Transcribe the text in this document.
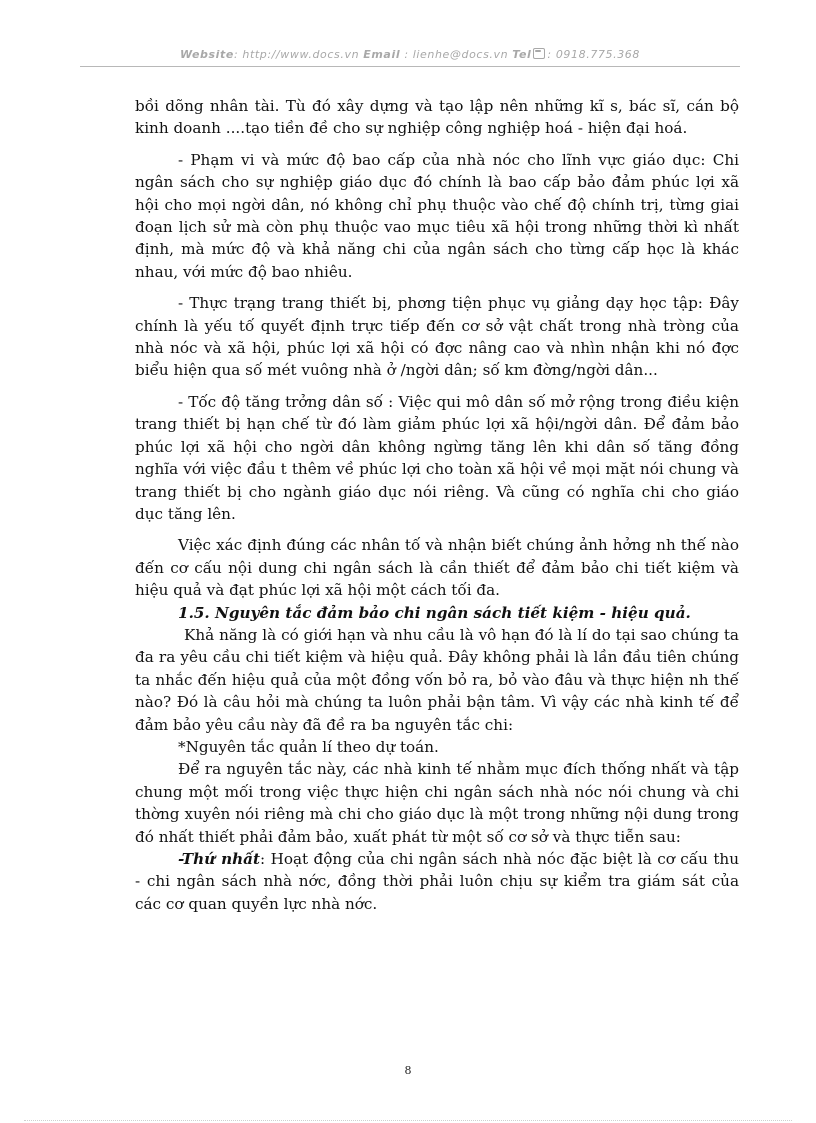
Website: http://www.docs.vn Email : lienhe@docs.vn Tel : 0918.775.368

bồi dõng nhân tài. Tù đó xây dựng và tạo lập nên những kĩ s, bác sĩ, cán bộ kinh doanh ....tạo tiền đề cho sự nghiệp công nghiệp hoá - hiện đại hoá.

- Phạm vi và mức độ bao cấp của nhà nóc cho lĩnh vực giáo dục: Chi ngân sách cho sự nghiệp giáo dục đó chính là bao cấp bảo đảm phúc lợi xã hội cho mọi ngời dân, nó không chỉ phụ thuộc vào chế độ chính trị, từng giai đoạn lịch sử mà còn phụ thuộc vao mục tiêu xã hội trong những thời kì nhất định, mà mức độ và khả năng chi của ngân sách cho từng cấp học là khác nhau, với mức độ bao nhiêu.

- Thực trạng trang thiết bị, phơng tiện phục vụ giảng dạy học tập: Đây chính là yếu tố quyết định trực tiếp đến cơ sở vật chất trong nhà tròng của nhà nóc và xã hội, phúc lợi xã hội có đợc nâng cao và nhìn nhận khi nó đợc biểu hiện qua số mét vuông nhà ở /ngời dân; số km đờng/ngời dân...

- Tốc độ tăng trởng dân số : Việc qui mô dân số mở rộng trong điều kiện trang thiết bị hạn chế từ đó làm giảm phúc lợi xã hội/ngời dân. Để đảm bảo phúc lợi xã hội cho ngời dân không ngừng tăng lên khi dân số tăng đồng nghĩa với việc đầu t thêm về phúc lợi cho toàn xã hội về mọi mặt nói chung và trang thiết bị cho ngành giáo dục nói riêng. Và cũng có nghĩa chi cho giáo dục tăng lên.

Việc xác định đúng các nhân tố và nhận biết chúng ảnh hởng nh thế nào đến cơ cấu nội dung chi ngân sách là cần thiết để đảm bảo chi tiết kiệm và hiệu quả và đạt phúc lợi xã hội một cách tối đa.

1.5. Nguyên tắc đảm bảo chi ngân sách tiết kiệm - hiệu quả.

Khả năng là có giới hạn và nhu cầu là vô hạn đó là lí do tại sao chúng ta đa ra yêu cầu chi tiết kiệm và hiệu quả. Đây không phải là lần đầu tiên chúng ta nhắc đến hiệu quả của một đồng vốn bỏ ra, bỏ vào đâu và thực hiện nh thế nào? Đó là câu hỏi mà chúng ta luôn phải bận tâm. Vì vậy các nhà kinh tế để đảm bảo yêu cầu này đã đề ra ba nguyên tắc chi:

*Nguyên tắc quản lí theo dự toán.

Để ra nguyên tắc này, các nhà kinh tế nhằm mục đích thống nhất và tập chung một mối trong việc thực hiện chi ngân sách nhà nóc nói chung và chi thờng xuyên nói riêng mà chi cho giáo dục là một trong những nội dung trong đó nhất thiết phải đảm bảo, xuất phát từ một số cơ sở và thực tiễn sau:

-Thứ nhất: Hoạt động của chi ngân sách nhà nóc đặc biệt là cơ cấu thu - chi ngân sách nhà nớc, đồng thời phải luôn chịu sự kiểm tra giám sát của các cơ quan quyền lực nhà nớc.

8
